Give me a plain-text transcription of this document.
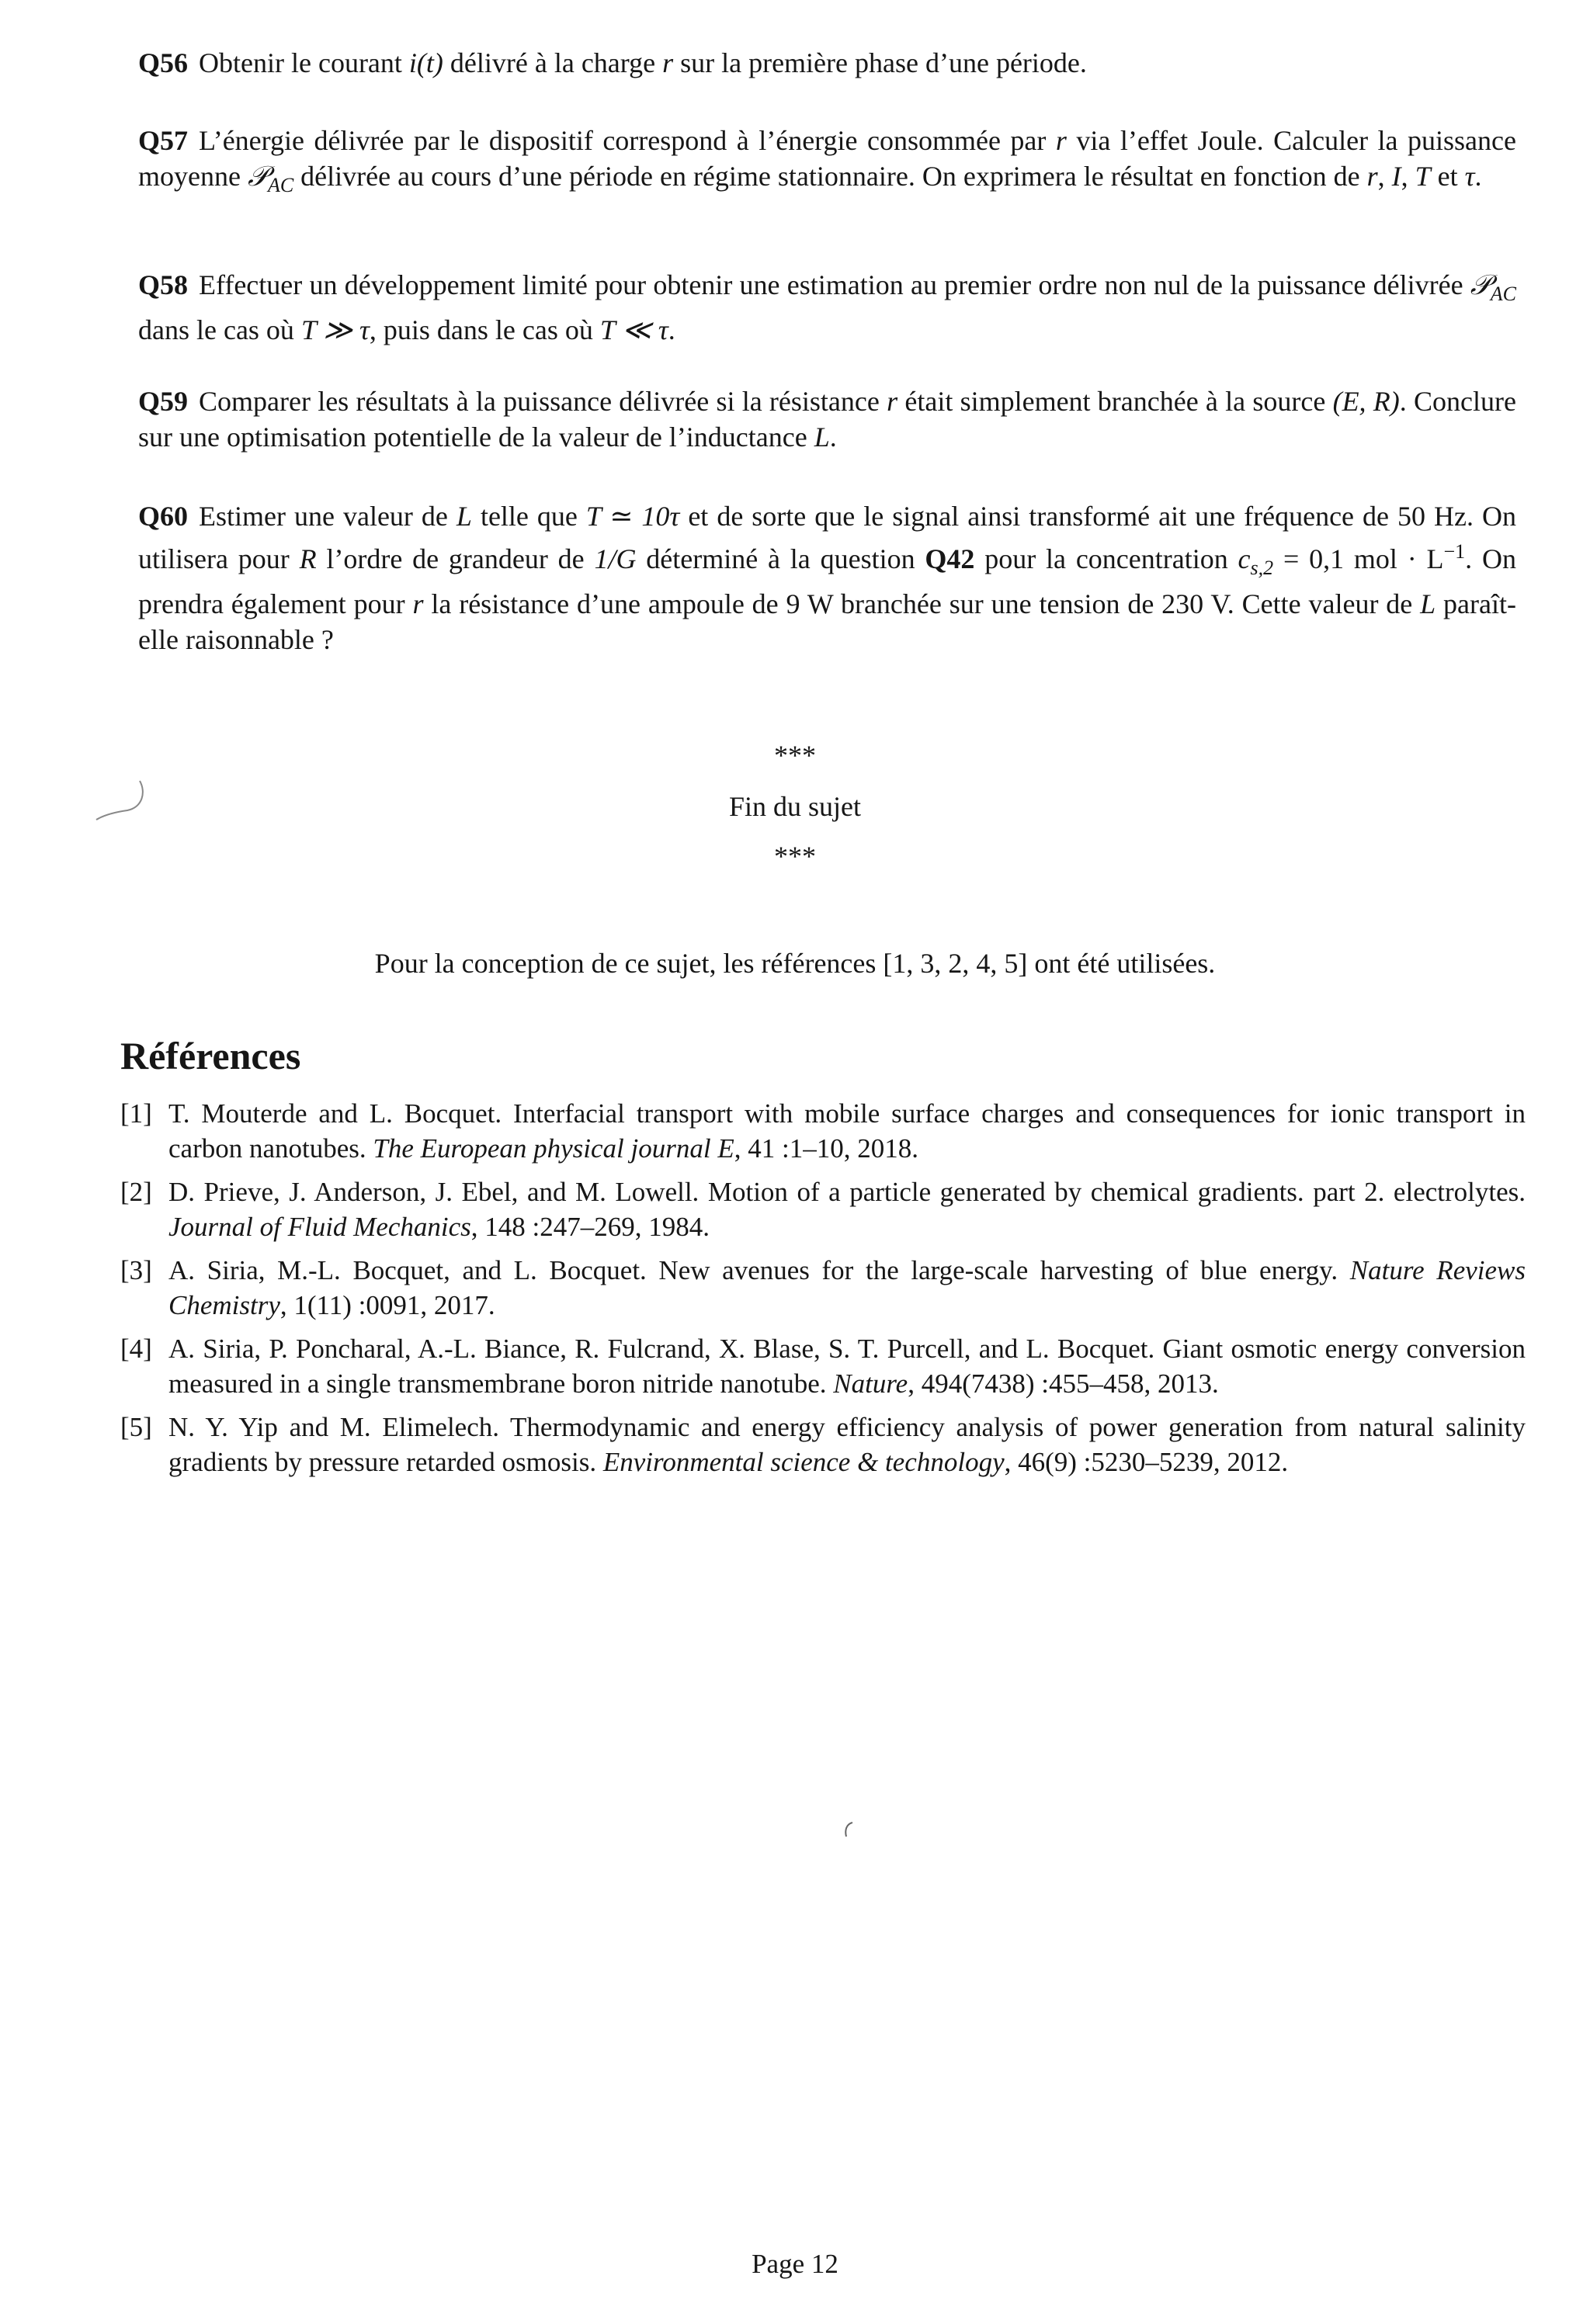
Q56 Obtenir le courant i(t) délivré à la charge r sur la première phase d’une période.
Q57 L’énergie délivrée par le dispositif correspond à l’énergie consommée par r via l’effet Joule. Calculer la puissance moyenne 𝒫$_{AC}$ délivrée au cours d’une période en régime stationnaire. On exprimera le résultat en fonction de r, I, T et τ.
Q58 Effectuer un développement limité pour obtenir une estimation au premier ordre non nul de la puissance délivrée 𝒫$_{AC}$ dans le cas où T ≫ τ, puis dans le cas où T ≪ τ.
Q59 Comparer les résultats à la puissance délivrée si la résistance r était simplement branchée à la source (E, R). Conclure sur une optimisation potentielle de la valeur de l’inductance L.
Q60 Estimer une valeur de L telle que T ≃ 10τ et de sorte que le signal ainsi transformé ait une fréquence de 50 Hz. On utilisera pour R l’ordre de grandeur de 1/G déterminé à la question Q42 pour la concentration $c_{s,2} = 0,1$ mol · $L^{-1}$. On prendra également pour r la résistance d’une ampoule de 9 W branchée sur une tension de 230 V. Cette valeur de L paraît-elle raisonnable ?
***
Fin du sujet
***
Pour la conception de ce sujet, les références [1, 3, 2, 4, 5] ont été utilisées.
Références
[1] T. Mouterde and L. Bocquet. Interfacial transport with mobile surface charges and consequences for ionic transport in carbon nanotubes. The European physical journal E, 41 :1–10, 2018.
[2] D. Prieve, J. Anderson, J. Ebel, and M. Lowell. Motion of a particle generated by chemical gradients. part 2. electrolytes. Journal of Fluid Mechanics, 148 :247–269, 1984.
[3] A. Siria, M.-L. Bocquet, and L. Bocquet. New avenues for the large-scale harvesting of blue energy. Nature Reviews Chemistry, 1(11) :0091, 2017.
[4] A. Siria, P. Poncharal, A.-L. Biance, R. Fulcrand, X. Blase, S. T. Purcell, and L. Bocquet. Giant osmotic energy conversion measured in a single transmembrane boron nitride nanotube. Nature, 494(7438) :455–458, 2013.
[5] N. Y. Yip and M. Elimelech. Thermodynamic and energy efficiency analysis of power generation from natural salinity gradients by pressure retarded osmosis. Environmental science & technology, 46(9) :5230–5239, 2012.
Page 12
